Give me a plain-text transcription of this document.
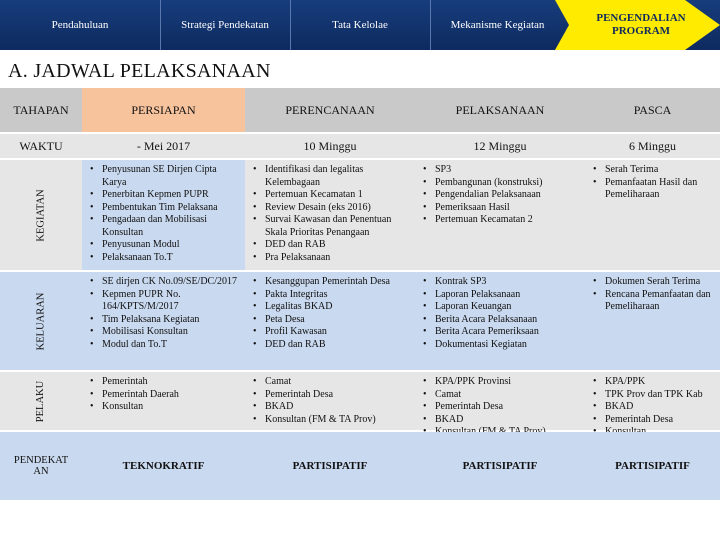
Pendahuluan	Strategi Pendekatan	Tata Kelolae	Mekanisme Kegiatan
PENGENDALIAN PROGRAM
A. JADWAL PELAKSANAAN
TAHAPAN	PERSIAPAN	PERENCANAAN	PELAKSANAAN	PASCA
WAKTU	- Mei 2017	10 Minggu	12 Minggu	6 Minggu
KEGIATAN
• Penyusunan SE Dirjen Cipta Karya
• Penerbitan Kepmen PUPR
• Pembentukan Tim Pelaksana
• Pengadaan dan Mobilisasi Konsultan
• Penyusunan Modul
• Pelaksanaan To.T
• Identifikasi dan legalitas Kelembagaan
• Pertemuan Kecamatan 1
• Review Desain (eks 2016)
• Survai Kawasan dan Penentuan Skala Prioritas Penangaan
• DED dan RAB
• Pra Pelaksanaan
• SP3
• Pembangunan (konstruksi)
• Pengendalian Pelaksanaan
• Pemeriksaan Hasil
• Pertemuan Kecamatan 2
• Serah Terima
• Pemanfaatan Hasil dan Pemeliharaan
KELUARAN
• SE dirjen CK No.09/SE/DC/2017
• Kepmen PUPR No. 164/KPTS/M/2017
• Tim Pelaksana Kegiatan
• Mobilisasi Konsultan
• Modul dan To.T
• Kesanggupan Pemerintah Desa
• Pakta Integritas
• Legalitas BKAD
• Peta Desa
• Profil Kawasan
• DED dan RAB
• Kontrak SP3
• Laporan Pelaksanaan
• Laporan Keuangan
• Berita Acara Pelaksanaan
• Berita Acara Pemeriksaan
• Dokumentasi Kegiatan
• Dokumen Serah Terima
• Rencana Pemanfaatan dan Pemeliharaan
PELAKU
•	Pemerintah
• Pemerintah Daerah
• Konsultan
• Camat
• Pemerintah Desa
• BKAD
• Konsultan (FM & TA Prov)
• KPA/PPK Provinsi
• Camat
• Pemerintah Desa
• BKAD
•
• KPA/PPK
• TPK Prov dan TPK Kab
• BKAD
• Pemerintah Desa
•
PENDEKATAN	TEKNOKRATIF	PARTISIPATIF	PARTISIPATIF	PARTISIPATIF
